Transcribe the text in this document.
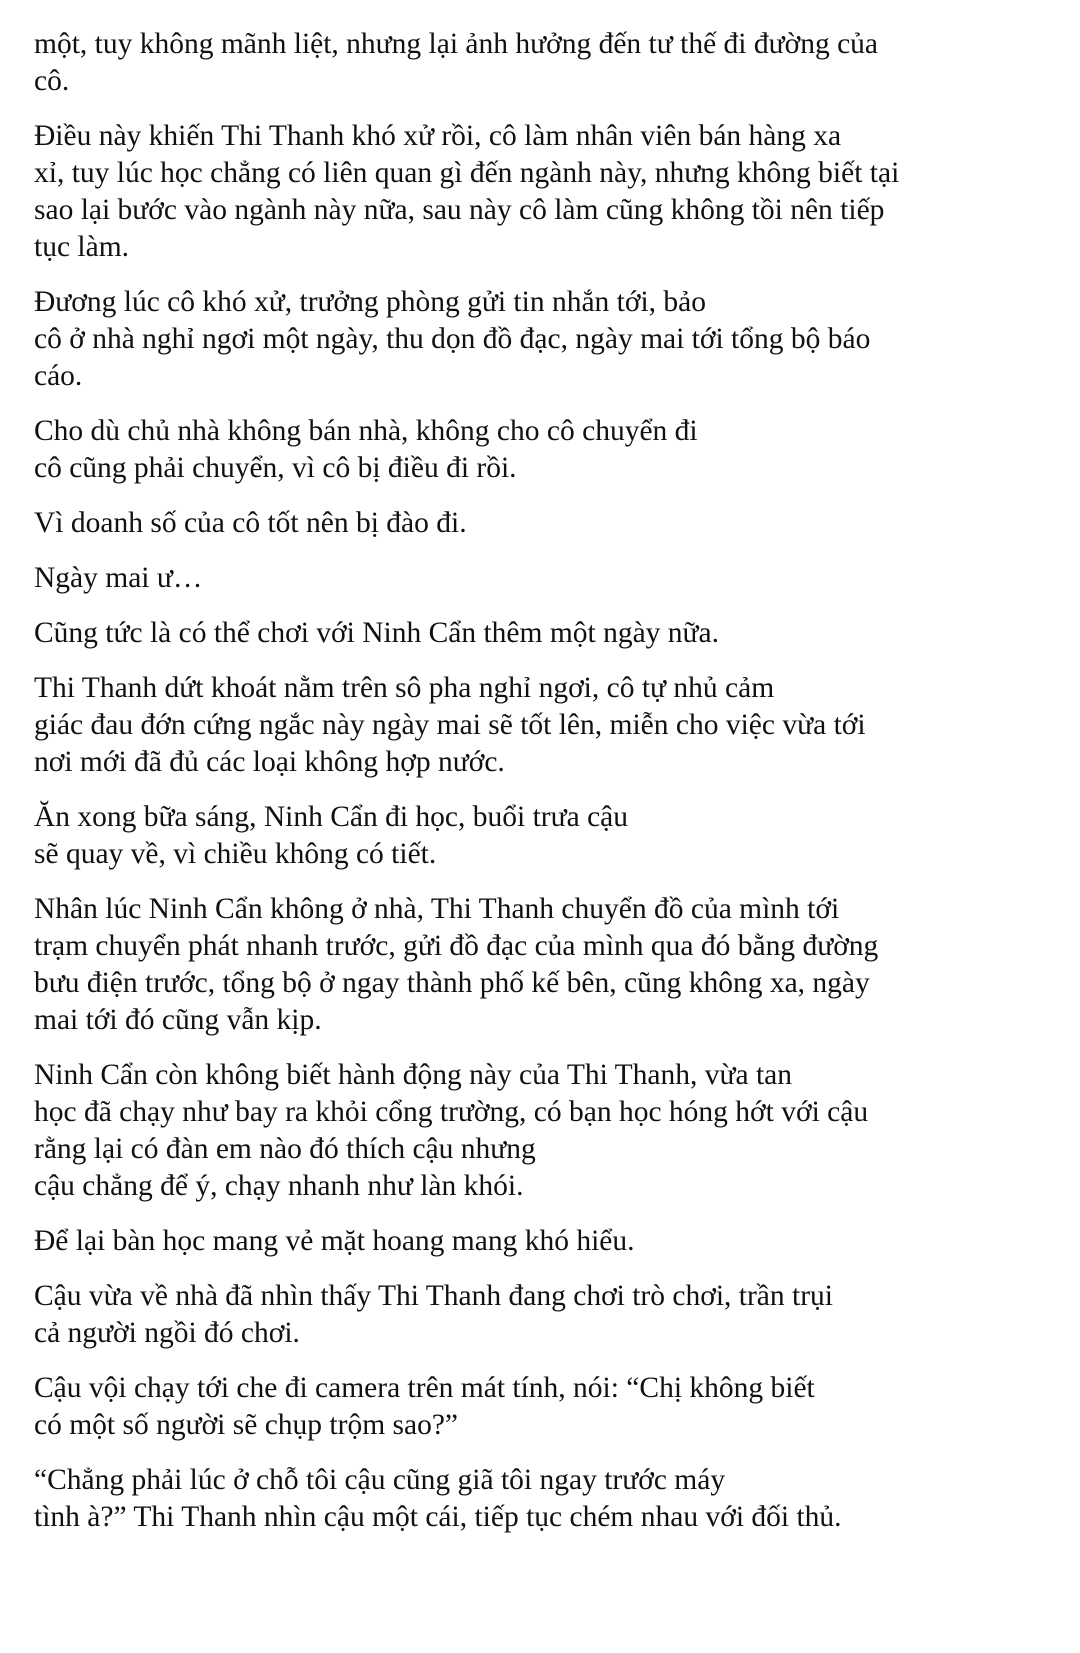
một, tuy không mãnh liệt, nhưng lại ảnh hưởng đến tư thế đi đường của
cô.

Điều này khiến Thi Thanh khó xử rồi, cô làm nhân viên bán hàng xa
xỉ, tuy lúc học chẳng có liên quan gì đến ngành này, nhưng không biết tại
sao lại bước vào ngành này nữa, sau này cô làm cũng không tồi nên tiếp
tục làm.

Đương lúc cô khó xử, trưởng phòng gửi tin nhắn tới, bảo
cô ở nhà nghỉ ngơi một ngày, thu dọn đồ đạc, ngày mai tới tổng bộ báo
cáo.

Cho dù chủ nhà không bán nhà, không cho cô chuyển đi
cô cũng phải chuyển, vì cô bị điều đi rồi.

Vì doanh số của cô tốt nên bị đào đi.

Ngày mai ư…

Cũng tức là có thể chơi với Ninh Cẩn thêm một ngày nữa.

Thi Thanh dứt khoát nằm trên sô pha nghỉ ngơi, cô tự nhủ cảm
giác đau đớn cứng ngắc này ngày mai sẽ tốt lên, miễn cho việc vừa tới
nơi mới đã đủ các loại không hợp nước.

Ăn xong bữa sáng, Ninh Cẩn đi học, buổi trưa cậu
sẽ quay về, vì chiều không có tiết.

Nhân lúc Ninh Cẩn không ở nhà, Thi Thanh chuyển đồ của mình tới
trạm chuyển phát nhanh trước, gửi đồ đạc của mình qua đó bằng đường
bưu điện trước, tổng bộ ở ngay thành phố kế bên, cũng không xa, ngày
mai tới đó cũng vẫn kịp.

Ninh Cẩn còn không biết hành động này của Thi Thanh, vừa tan
học đã chạy như bay ra khỏi cổng trường, có bạn học hóng hớt với cậu
rằng lại có đàn em nào đó thích cậu nhưng
cậu chẳng để ý, chạy nhanh như làn khói.

Để lại bàn học mang vẻ mặt hoang mang khó hiểu.

Cậu vừa về nhà đã nhìn thấy Thi Thanh đang chơi trò chơi, trần trụi
cả người ngồi đó chơi.

Cậu vội chạy tới che đi camera trên mát tính, nói: “Chị không biết
có một số người sẽ chụp trộm sao?”

“Chẳng phải lúc ở chỗ tôi cậu cũng giã tôi ngay trước máy
tình à?” Thi Thanh nhìn cậu một cái, tiếp tục chém nhau với đối thủ.
